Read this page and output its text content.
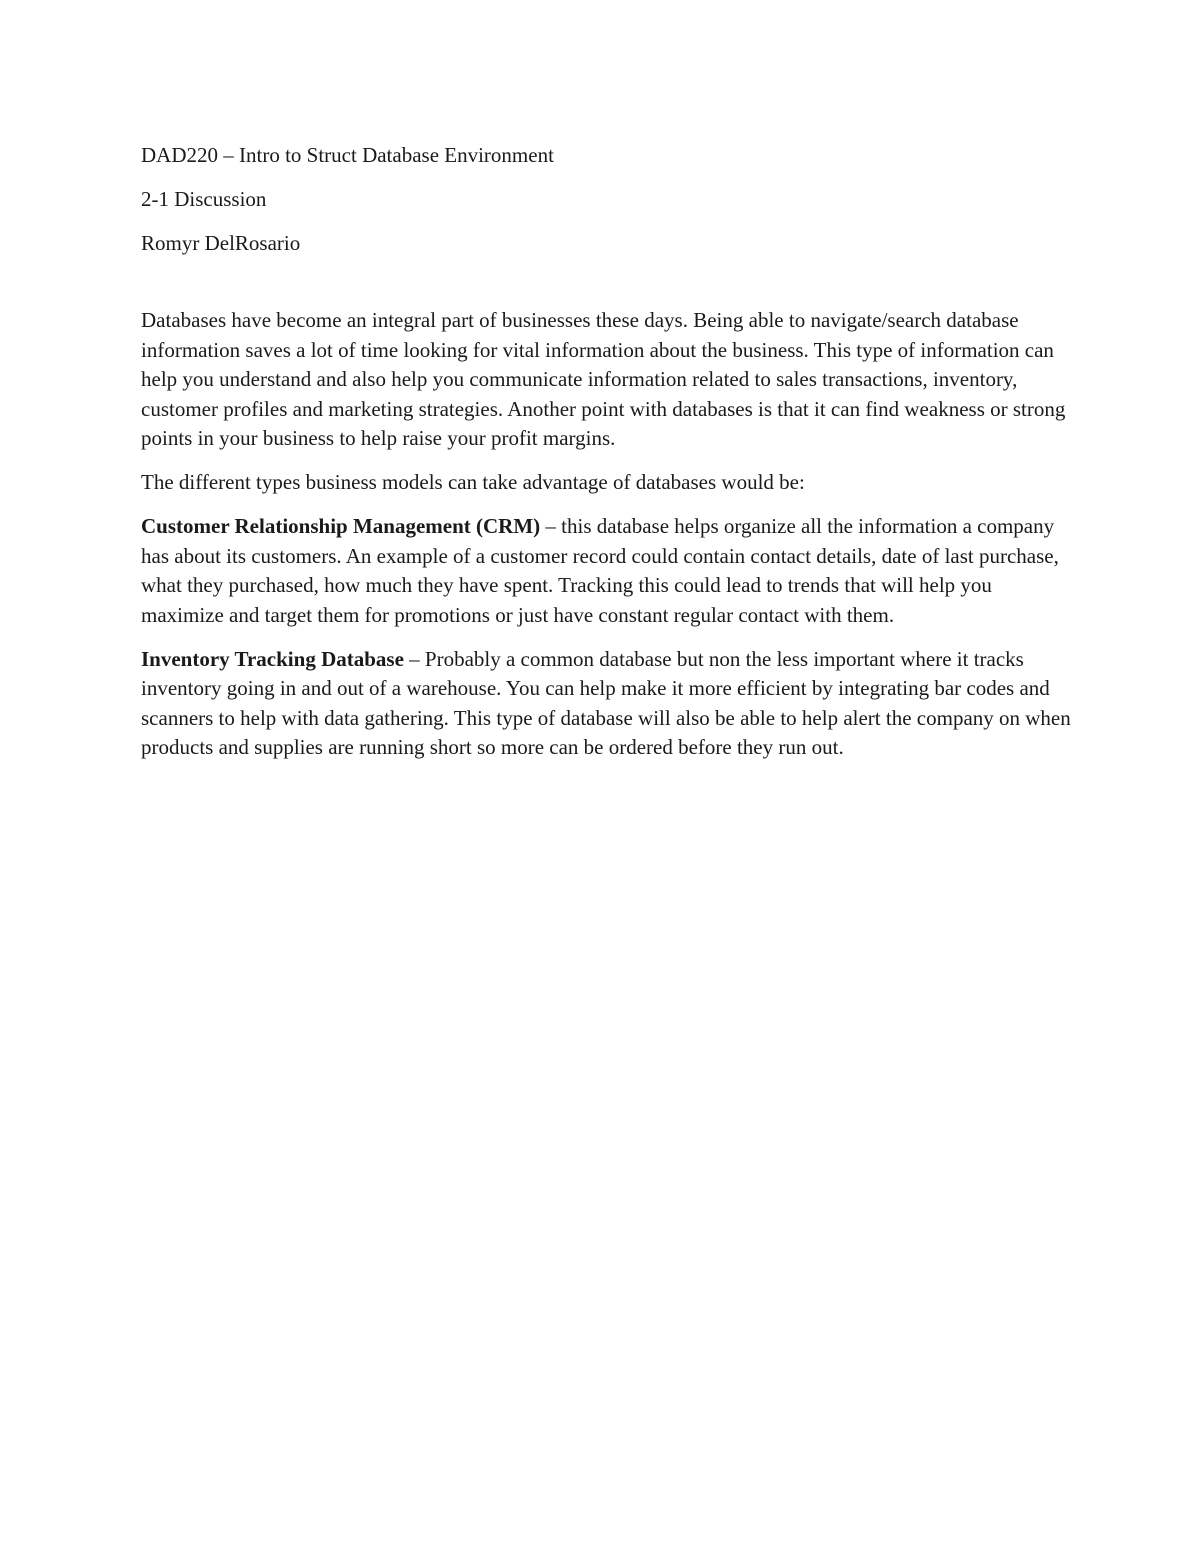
DAD220 – Intro to Struct Database Environment

2-1 Discussion

Romyr DelRosario

Databases have become an integral part of businesses these days. Being able to navigate/search database information saves a lot of time looking for vital information about the business. This type of information can help you understand and also help you communicate information related to sales transactions, inventory, customer profiles and marketing strategies. Another point with databases is that it can find weakness or strong points in your business to help raise your profit margins.

The different types business models can take advantage of databases would be:

Customer Relationship Management (CRM) – this database helps organize all the information a company has about its customers. An example of a customer record could contain contact details, date of last purchase, what they purchased, how much they have spent. Tracking this could lead to trends that will help you maximize and target them for promotions or just have constant regular contact with them.

Inventory Tracking Database – Probably a common database but non the less important where it tracks inventory going in and out of a warehouse. You can help make it more efficient by integrating bar codes and scanners to help with data gathering. This type of database will also be able to help alert the company on when products and supplies are running short so more can be ordered before they run out.
